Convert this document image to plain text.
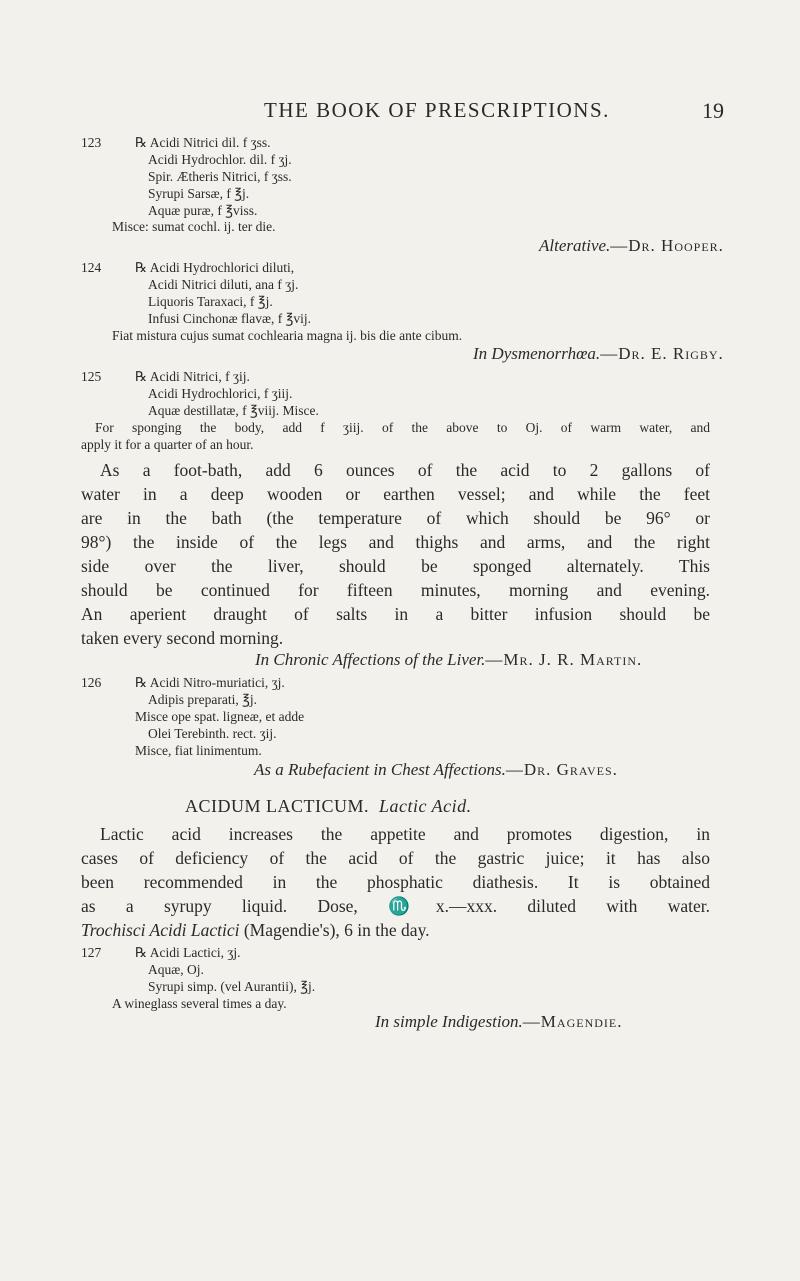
THE BOOK OF PRESCRIPTIONS.	19
123	℞ Acidi Nitrici dil. f ʒss.
Acidi Hydrochlor. dil. f ʒj.
Spir. Ætheris Nitrici, f ʒss.
Syrupi Sarsæ, f ℥j.
Aquæ puræ, f ℥viss.
Misce: sumat cochl. ij. ter die.
Alterative.—Dr. Hooper.
124	℞ Acidi Hydrochlorici diluti,
Acidi Nitrici diluti, ana f ʒj.
Liquoris Taraxaci, f ℥j.
Infusi Cinchonæ flavæ, f ℥vij.
Fiat mistura cujus sumat cochlearia magna ij. bis die ante cibum.
In Dysmenorrhœa.—Dr. E. Rigby.
125	℞ Acidi Nitrici, f ʒij.
Acidi Hydrochlorici, f ʒiij.
Aquæ destillatæ, f ℥viij. Misce.
For sponging the body, add f ʒiij. of the above to Oj. of warm water, and
apply it for a quarter of an hour.
As a foot-bath, add 6 ounces of the acid to 2 gallons of
water in a deep wooden or earthen vessel; and while the feet
are in the bath (the temperature of which should be 96° or
98°) the inside of the legs and thighs and arms, and the right
side over the liver, should be sponged alternately. This
should be continued for fifteen minutes, morning and evening.
An aperient draught of salts in a bitter infusion should be
taken every second morning.
In Chronic Affections of the Liver.—Mr. J. R. Martin.
126	℞ Acidi Nitro-muriatici, ʒj.
Adipis preparati, ℥j.
Misce ope spat. ligneæ, et adde
Olei Terebinth. rect. ʒij.
Misce, fiat linimentum.
As a Rubefacient in Chest Affections.—Dr. Graves.
ACIDUM LACTICUM. Lactic Acid.
Lactic acid increases the appetite and promotes digestion, in
cases of deficiency of the acid of the gastric juice; it has also
been recommended in the phosphatic diathesis. It is obtained
as a syrupy liquid. Dose, ♏x.—xxx. diluted with water.
Trochisci Acidi Lactici (Magendie's), 6 in the day.
127	℞ Acidi Lactici, ʒj.
Aquæ, Oj.
Syrupi simp. (vel Aurantii), ℥j.
A wineglass several times a day.
In simple Indigestion.—Magendie.
